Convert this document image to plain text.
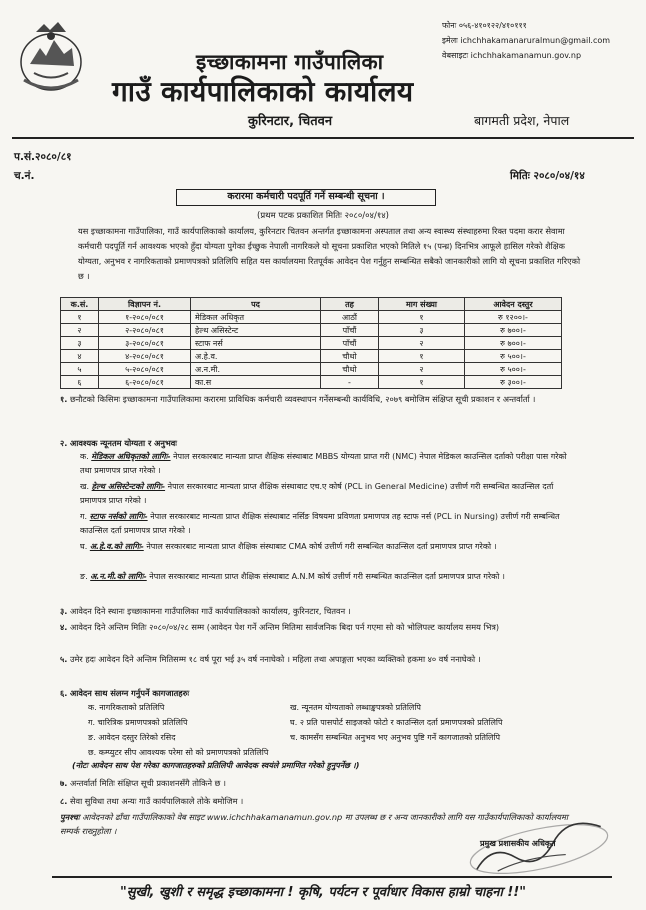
इच्छाकामना गाउँपालिका
गाउँ कार्यपालिकाको कार्यालय
कुरिनटार, चितवन	बागमती प्रदेश, नेपाल
फोनः ०५६-४१०१२२/४१०१११
इमेलः ichchhakamanaruralmun@gmail.com
वेबसाइटः ichchhakamanamun.gov.np
प.सं.२०८०/८१
च.नं.	मितिः २०८०/०४/१४
करारमा कर्मचारी पदपूर्ति गर्ने सम्बन्धी सूचना ।
(प्रथम पटक प्रकाशित मितिः २०८०/०४/१४)
यस इच्छाकामना गाउँपालिका, गाउँ कार्यपालिकाको कार्यालय, कुरिनटार चितवन अन्तर्गत इच्छाकामना अस्पताल तथा अन्य स्वास्थ्य संस्थाहरुमा रिक्त पदमा करार सेवामा कर्मचारी पदपूर्ति गर्न आवश्यक भएको हुँदा योग्यता पुगेका ईच्छुक नेपाली नागरिकले यो सूचना प्रकाशित भएको मितिले १५ (पन्ध्र) दिनभित्र आफूले हासिल गरेको शैक्षिक योग्यता, अनुभव र नागरिकताको प्रमाणपत्रको प्रतिलिपि सहित यस कार्यालयमा रितपूर्वक आवेदन पेश गर्नुहुन सम्बन्धित सबैको जानकारीको लागि यो सूचना प्रकाशित गरिएको छ ।
क.सं.	विज्ञापन नं.	पद	तह	माग संख्या	आवेदन दस्तुर
१	१-२०८०/०८१	मेडिकल अधिकृत	आठौं	१	रु १२००।-
२	२-२०८०/०८१	हेल्थ असिस्टेन्ट	पाँचौं	३	रु ७००।-
३	३-२०८०/०८१	स्टाफ नर्स	पाँचौं	२	रु ७००।-
४	४-२०८०/०८१	अ.हे.व.	चौथो	१	रु ५००।-
५	५-२०८०/०८१	अ.न.मी.	चौथो	२	रु ५००।-
६	६-२०८०/०८१	का.स	-	१	रु ३००।-
१. छनौटको किसिमः इच्छाकामना गाउँपालिकामा करारमा प्राविधिक कर्मचारी व्यवस्थापन गर्नेसम्बन्धी कार्यविधि, २०७९ बमोजिम संक्षिप्त सूची प्रकाशन र अन्तर्वार्ता ।
२. आवश्यक न्यूनतम योग्यता र अनुभवः
क. मेडिकल अधिकृतको लागिः- नेपाल सरकारबाट मान्यता प्राप्त शैक्षिक संस्थाबाट MBBS योग्यता प्राप्त गरी (NMC) नेपाल मेडिकल काउन्सिल दर्ताको परीक्षा पास गरेको तथा प्रमाणपत्र प्राप्त गरेको ।
ख. हेल्थ असिस्टेन्टको लागिः- नेपाल सरकारबाट मान्यता प्राप्त शैक्षिक संस्थाबाट एच.ए कोर्ष (PCL in General Medicine) उत्तीर्ण गरी सम्बन्धित काउन्सिल दर्ता प्रमाणपत्र प्राप्त गरेको ।
ग. स्टाफ नर्सको लागिः- नेपाल सरकारबाट मान्यता प्राप्त शैक्षिक संस्थाबाट नर्सिङ विषयमा प्रविणता प्रमाणपत्र तह स्टाफ नर्स (PCL in Nursing) उत्तीर्ण गरी सम्बन्धित काउन्सिल दर्ता प्रमाणपत्र प्राप्त गरेको ।
घ. अ.हे.व.को लागिः- नेपाल सरकारबाट मान्यता प्राप्त शैक्षिक संस्थाबाट CMA कोर्ष उत्तीर्ण गरी सम्बन्धित काउन्सिल दर्ता प्रमाणपत्र प्राप्त गरेको ।
ङ. अ.न.मी.को लागिः- नेपाल सरकारबाट मान्यता प्राप्त शैक्षिक संस्थाबाट A.N.M कोर्ष उत्तीर्ण गरी सम्बन्धित काउन्सिल दर्ता प्रमाणपत्र प्राप्त गरेको ।
३. आवेदन दिने स्थानः इच्छाकामना गाउँपालिका गाउँ कार्यपालिकाको कार्यालय, कुरिनटार, चितवन ।
४. आवेदन दिने अन्तिम मितिः २०८०/०४/२८ सम्म (आवेदन पेश गर्ने अन्तिम मितिमा सार्वजनिक बिदा पर्न गएमा सो को भोलिपल्ट कार्यालय समय भित्र)
५. उमेर हदः आवेदन दिने अन्तिम मितिसम्म १८ वर्ष पूरा भई ३५ वर्ष ननाघेको । महिला तथा अपाङ्गता भएका व्यक्तिको हकमा ४० वर्ष ननाघेको ।
६. आवेदन साथ संलग्न गर्नुपर्ने कागजातहरुः
क. नागरिकताको प्रतिलिपि
ग. चारित्रिक प्रमाणपत्रको प्रतिलिपि
ङ. आवेदन दस्तुर तिरेको रसिद
छ. कम्प्युटर सीप आवश्यक परेमा सो को प्रमाणपत्रको प्रतिलिपि
ख. न्यूनतम योग्यताको लब्धाङ्कपत्रको प्रतिलिपि
घ. २ प्रति पासपोर्ट साइजको फोटो र काउन्सिल दर्ता प्रमाणपत्रको प्रतिलिपि
च. कामसँग सम्बन्धित अनुभव भए अनुभव पुष्टि गर्ने कागजातको प्रतिलिपि
(नोटः आवेदन साथ पेश गरेका कागजातहरुको प्रतिलिपी आवेदक स्वयंले प्रमाणित गरेको हुनुपर्नेछ ।)
७. अन्तर्वार्ता मितिः संक्षिप्त सूची प्रकाशनसँगै तोकिने छ ।
८. सेवा सुविधा तथा अन्यः गाउँ कार्यपालिकाले तोके बमोजिम ।
पुनश्चः आवेदनको ढाँचा गाउँपालिकाको वेब साइट www.ichchhakamanamun.gov.np मा उपलब्ध छ र अन्य जानकारीको लागि यस गाउँकार्यपालिकाको कार्यालयमा सम्पर्क राख्नुहोला ।
प्रमुख प्रशासकीय अधिकृत
"सुखी, खुशी र समृद्ध इच्छाकामना ! कृषि, पर्यटन र पूर्वाधार विकास हाम्रो चाहना !!"
